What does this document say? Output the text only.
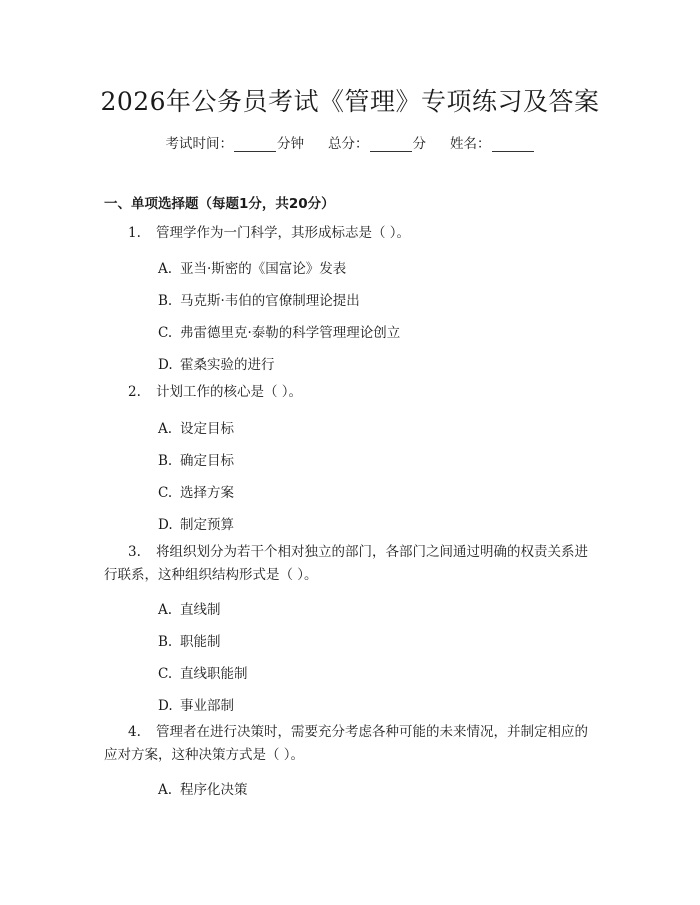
2026年公务员考试《管理》专项练习及答案
考试时间：	分钟 总分：	分 姓名：
一、单项选择题（每题1分，共20分）
1. 管理学作为一门科学，其形成标志是（ ）。
A. 亚当·斯密的《国富论》发表
B. 马克斯·韦伯的官僚制理论提出
C. 弗雷德里克·泰勒的科学管理理论创立
D. 霍桑实验的进行
2. 计划工作的核心是（ ）。
A. 设定目标
B. 确定目标
C. 选择方案
D. 制定预算
3. 将组织划分为若干个相对独立的部门，各部门之间通过明确的权责关系进
行联系，这种组织结构形式是（ ）。
A. 直线制
B. 职能制
C. 直线职能制
D. 事业部制
4. 管理者在进行决策时，需要充分考虑各种可能的未来情况，并制定相应的
应对方案，这种决策方式是（ ）。
A. 程序化决策
